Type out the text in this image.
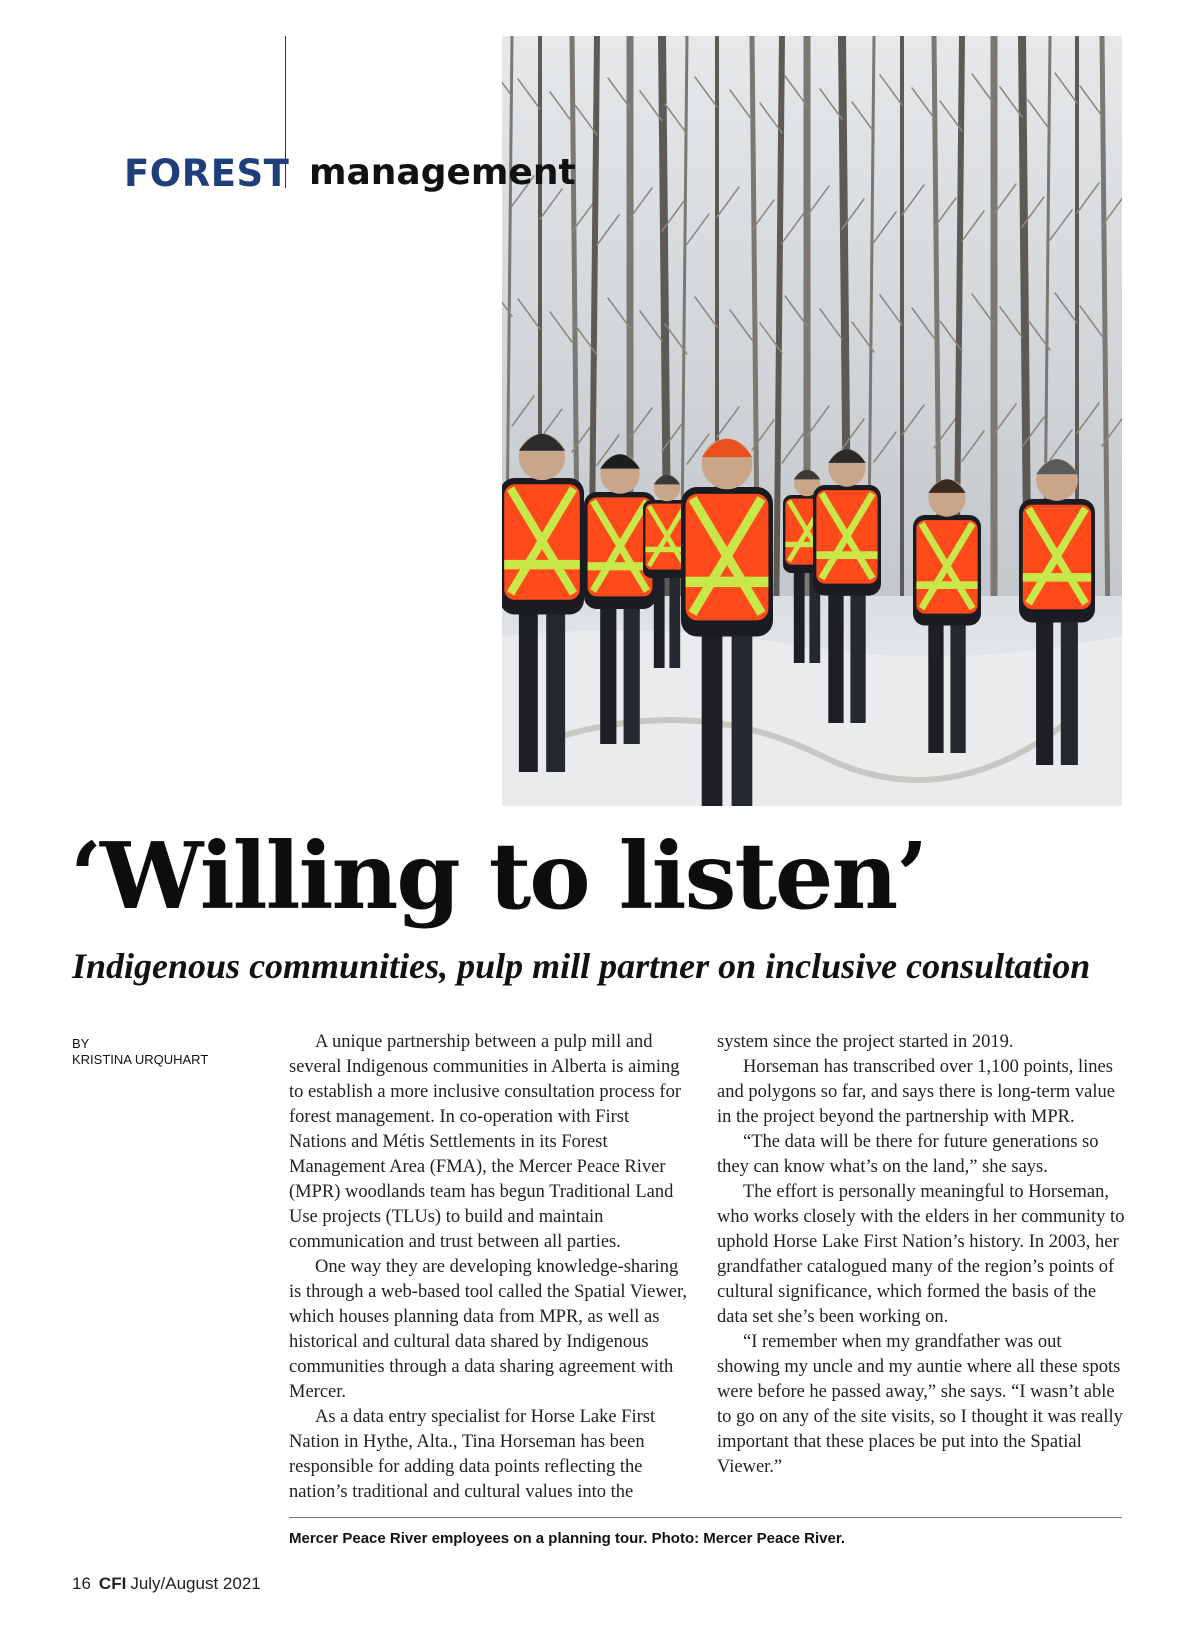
FOREST management
‘Willing to listen’
Indigenous communities, pulp mill partner on inclusive consultation
BY
KRISTINA URQUHART

A unique partnership between a pulp mill and several Indigenous communities in Alberta is aiming to establish a more inclusive consultation process for forest management. In co-operation with First Nations and Métis Settlements in its Forest Management Area (FMA), the Mercer Peace River (MPR) woodlands team has begun Traditional Land Use projects (TLUs) to build and maintain communication and trust between all parties.

One way they are developing knowledge-sharing is through a web-based tool called the Spatial Viewer, which houses planning data from MPR, as well as historical and cultural data shared by Indigenous communities through a data sharing agreement with Mercer.

As a data entry specialist for Horse Lake First Nation in Hythe, Alta., Tina Horseman has been responsible for adding data points reflecting the nation’s traditional and cultural values into the

system since the project started in 2019.

Horseman has transcribed over 1,100 points, lines and polygons so far, and says there is long-term value in the project beyond the partnership with MPR.

“The data will be there for future generations so they can know what’s on the land,” she says.

The effort is personally meaningful to Horseman, who works closely with the elders in her community to uphold Horse Lake First Nation’s history. In 2003, her grandfather catalogued many of the region’s points of cultural significance, which formed the basis of the data set she’s been working on.

“I remember when my grandfather was out showing my uncle and my auntie where all these spots were before he passed away,” she says. “I wasn’t able to go on any of the site visits, so I thought it was really important that these places be put into the Spatial Viewer.”

Mercer Peace River employees on a planning tour. Photo: Mercer Peace River.
16 CFI July/August 2021
